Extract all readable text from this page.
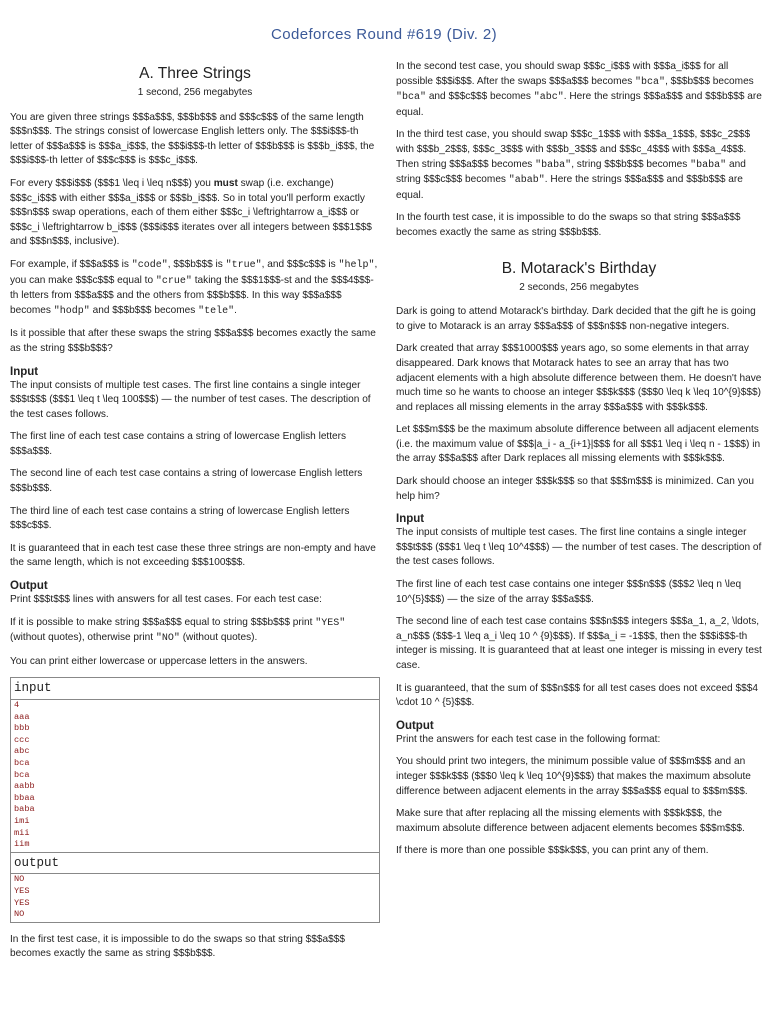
Codeforces Round #619 (Div. 2)
A. Three Strings
1 second, 256 megabytes

You are given three strings $$$a$$$, $$$b$$$ and $$$c$$$ of the same length $$$n$$$. The strings consist of lowercase English letters only. The $$$i$$$-th letter of $$$a$$$ is $$$a_i$$$, the $$$i$$$-th letter of $$$b$$$ is $$$b_i$$$, the $$$i$$$-th letter of $$$c$$$ is $$$c_i$$$.

For every $$$i$$$ ($$$1 \leq i \leq n$$$) you must swap (i.e. exchange) $$$c_i$$$ with either $$$a_i$$$ or $$$b_i$$$. So in total you'll perform exactly $$$n$$$ swap operations, each of them either $$$c_i \leftrightarrow a_i$$$ or $$$c_i \leftrightarrow b_i$$$ ($$$i$$$ iterates over all integers between $$$1$$$ and $$$n$$$, inclusive).

For example, if $$$a$$$ is "code", $$$b$$$ is "true", and $$$c$$$ is "help", you can make $$$c$$$ equal to "crue" taking the $$$1$$$-st and the $$$4$$$-th letters from $$$a$$$ and the others from $$$b$$$. In this way $$$a$$$ becomes "hodp" and $$$b$$$ becomes "tele".

Is it possible that after these swaps the string $$$a$$$ becomes exactly the same as the string $$$b$$$?

Input

The input consists of multiple test cases. The first line contains a single integer $$$t$$$ ($$$1 \leq t \leq 100$$$) — the number of test cases. The description of the test cases follows.

The first line of each test case contains a string of lowercase English letters $$$a$$$.

The second line of each test case contains a string of lowercase English letters $$$b$$$.

The third line of each test case contains a string of lowercase English letters $$$c$$$.

It is guaranteed that in each test case these three strings are non-empty and have the same length, which is not exceeding $$$100$$$.

Output

Print $$$t$$$ lines with answers for all test cases. For each test case:

If it is possible to make string $$$a$$$ equal to string $$$b$$$ print "YES" (without quotes), otherwise print "NO" (without quotes).

You can print either lowercase or uppercase letters in the answers.

input
4
aaa
bbb
ccc
abc
bca
bca
aabb
bbaa
baba
imi
mii
iim
output
NO
YES
YES
NO

In the first test case, it is impossible to do the swaps so that string $$$a$$$ becomes exactly the same as string $$$b$$$.

In the second test case, you should swap $$$c_i$$$ with $$$a_i$$$ for all possible $$$i$$$. After the swaps $$$a$$$ becomes "bca", $$$b$$$ becomes "bca" and $$$c$$$ becomes "abc". Here the strings $$$a$$$ and $$$b$$$ are equal.

In the third test case, you should swap $$$c_1$$$ with $$$a_1$$$, $$$c_2$$$ with $$$b_2$$$, $$$c_3$$$ with $$$b_3$$$ and $$$c_4$$$ with $$$a_4$$$. Then string $$$a$$$ becomes "baba", string $$$b$$$ becomes "baba" and string $$$c$$$ becomes "abab". Here the strings $$$a$$$ and $$$b$$$ are equal.

In the fourth test case, it is impossible to do the swaps so that string $$$a$$$ becomes exactly the same as string $$$b$$$.

B. Motarack's Birthday
2 seconds, 256 megabytes

Dark is going to attend Motarack's birthday. Dark decided that the gift he is going to give to Motarack is an array $$$a$$$ of $$$n$$$ non-negative integers.

Dark created that array $$$1000$$$ years ago, so some elements in that array disappeared. Dark knows that Motarack hates to see an array that has two adjacent elements with a high absolute difference between them. He doesn't have much time so he wants to choose an integer $$$k$$$ ($$$0 \leq k \leq 10^{9}$$$) and replaces all missing elements in the array $$$a$$$ with $$$k$$$.

Let $$$m$$$ be the maximum absolute difference between all adjacent elements (i.e. the maximum value of $$$|a_i - a_{i+1}|$$$ for all $$$1 \leq i \leq n - 1$$$) in the array $$$a$$$ after Dark replaces all missing elements with $$$k$$$.

Dark should choose an integer $$$k$$$ so that $$$m$$$ is minimized. Can you help him?

Input

The input consists of multiple test cases. The first line contains a single integer $$$t$$$ ($$$1 \leq t \leq 10^4$$$) — the number of test cases. The description of the test cases follows.

The first line of each test case contains one integer $$$n$$$ ($$$2 \leq n \leq 10^{5}$$$) — the size of the array $$$a$$$.

The second line of each test case contains $$$n$$$ integers $$$a_1, a_2, \ldots, a_n$$$ ($$$-1 \leq a_i \leq 10 ^ {9}$$$). If $$$a_i = -1$$$, then the $$$i$$$-th integer is missing. It is guaranteed that at least one integer is missing in every test case.

It is guaranteed, that the sum of $$$n$$$ for all test cases does not exceed $$$4 \cdot 10 ^ {5}$$$.

Output

Print the answers for each test case in the following format:

You should print two integers, the minimum possible value of $$$m$$$ and an integer $$$k$$$ ($$$0 \leq k \leq 10^{9}$$$) that makes the maximum absolute difference between adjacent elements in the array $$$a$$$ equal to $$$m$$$.

Make sure that after replacing all the missing elements with $$$k$$$, the maximum absolute difference between adjacent elements becomes $$$m$$$.

If there is more than one possible $$$k$$$, you can print any of them.
